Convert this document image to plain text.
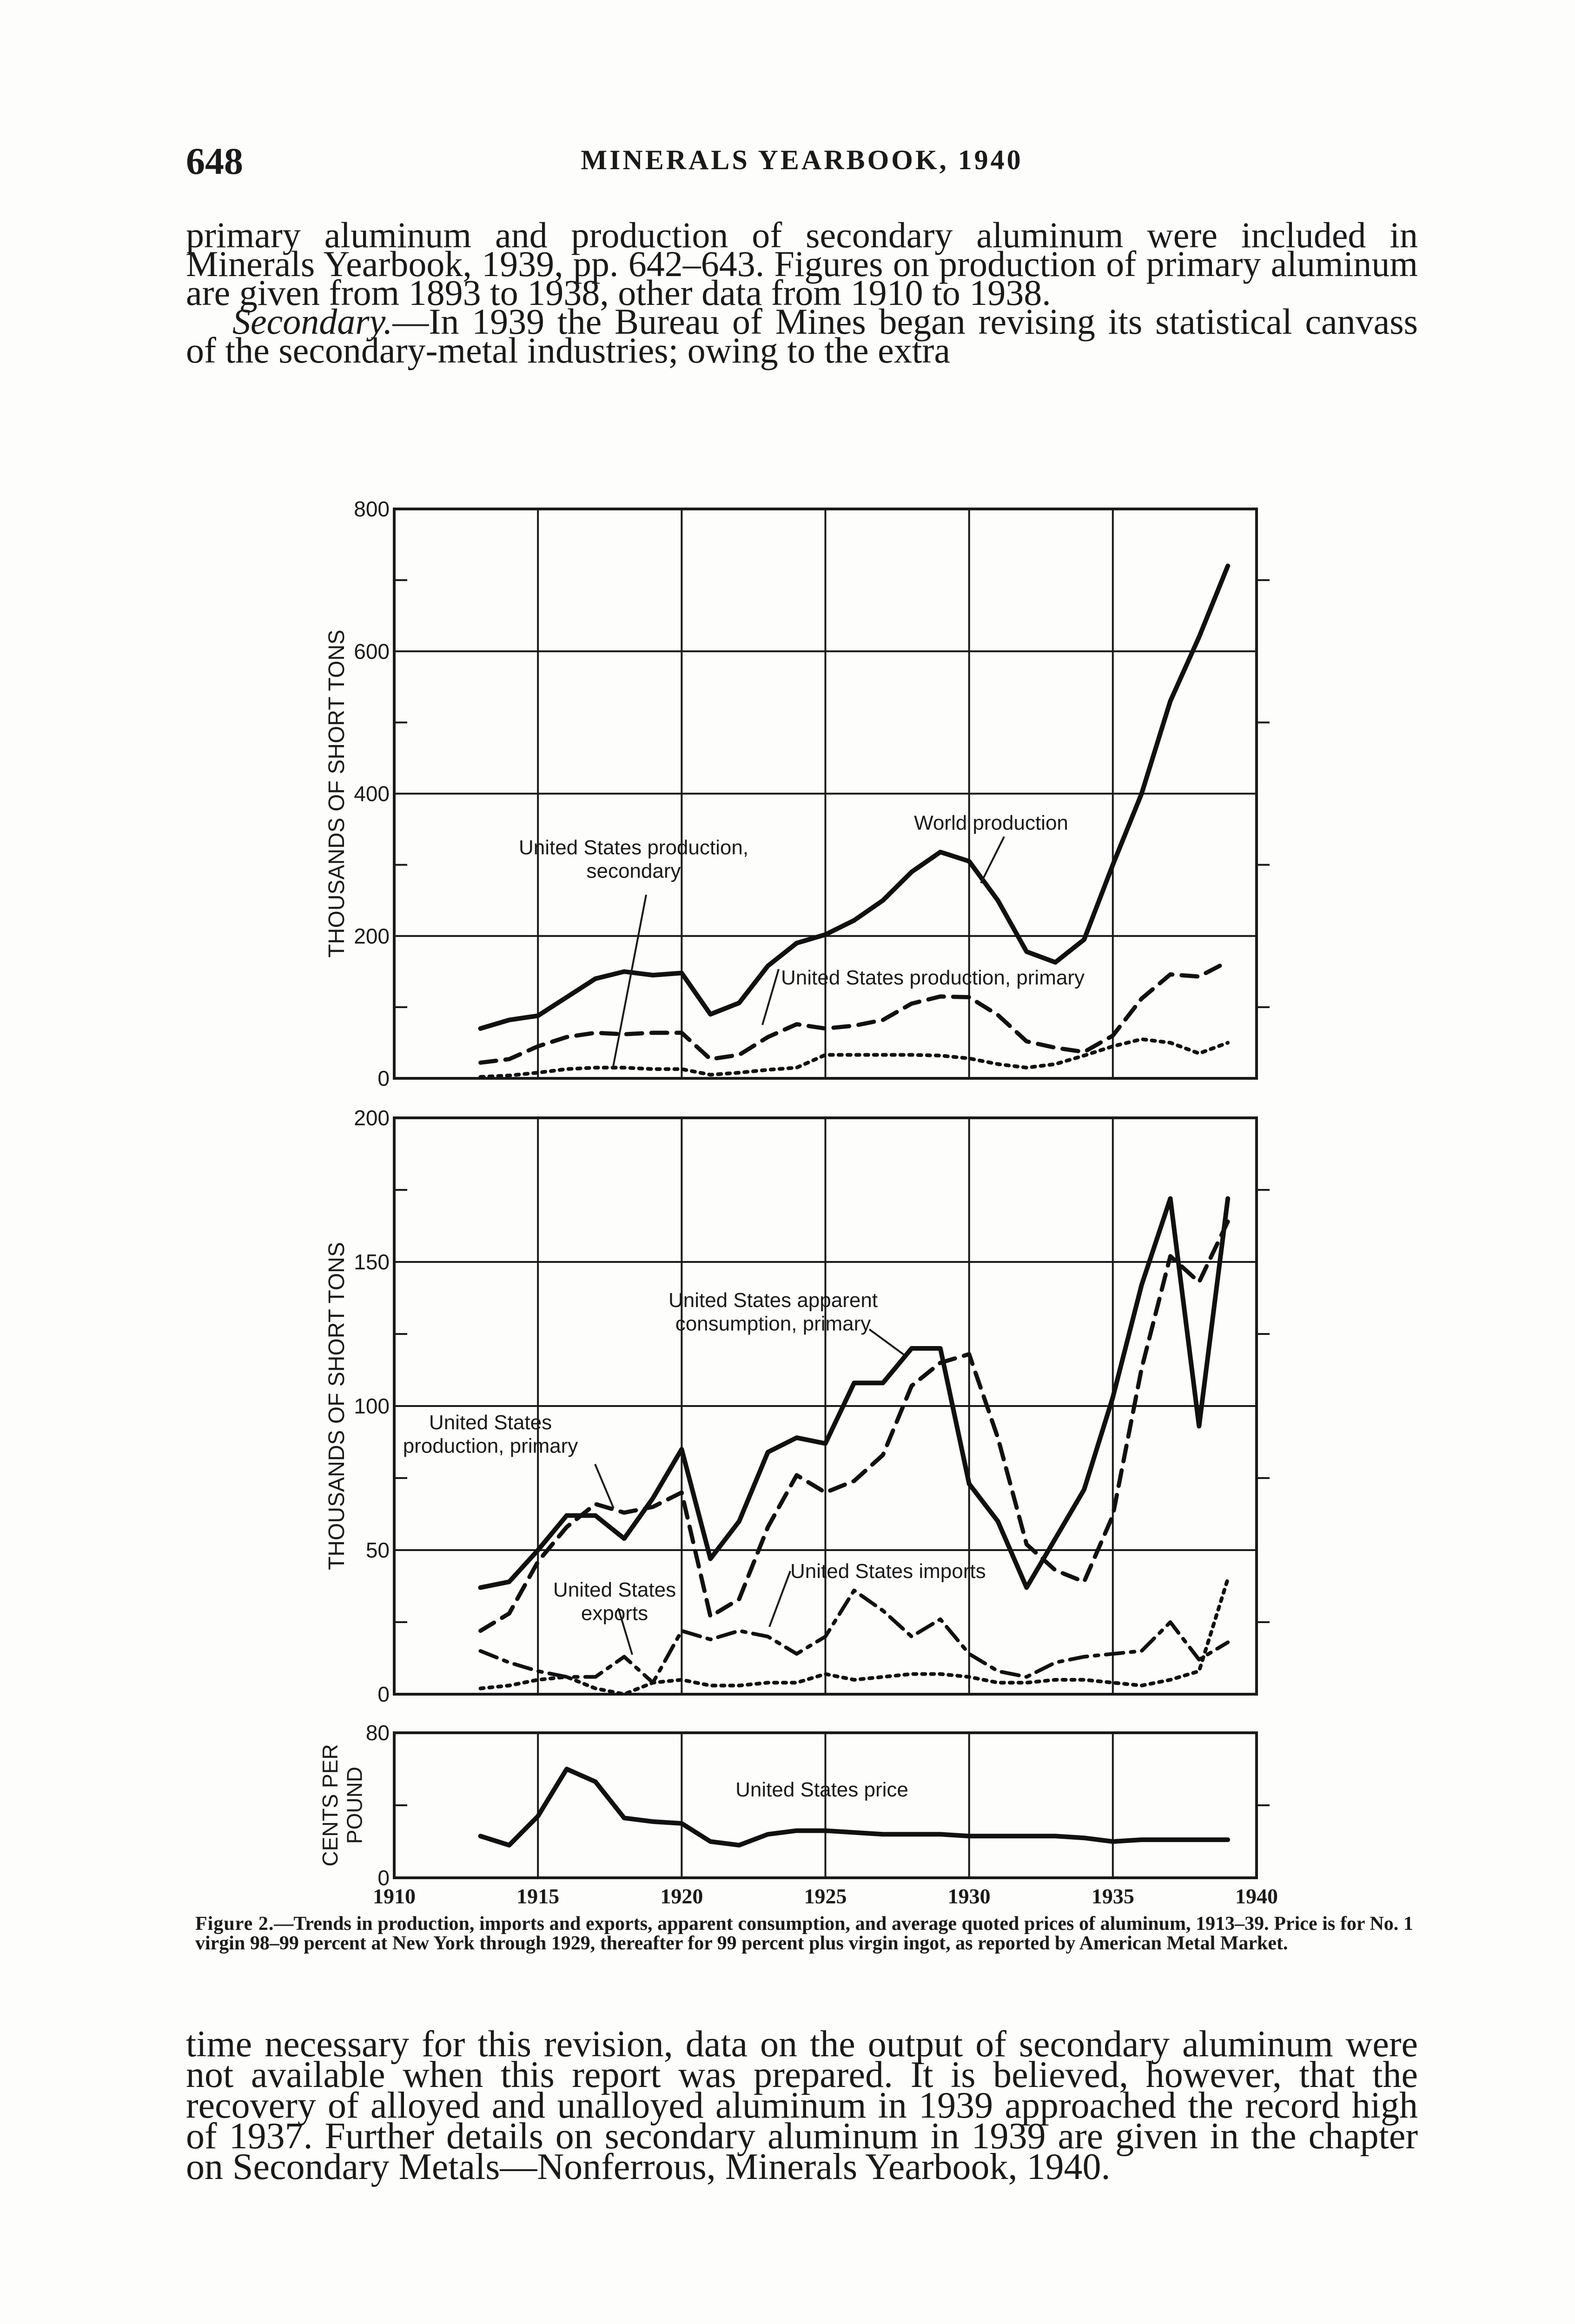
648	MINERALS YEARBOOK, 1940

primary aluminum and production of secondary aluminum were included in Minerals Yearbook, 1939, pp. 642–643. Figures on production of primary aluminum are given from 1893 to 1938, other data from 1910 to 1938.

Secondary.—In 1939 the Bureau of Mines began revising its statistical canvass of the secondary-metal industries; owing to the extra

0
200
400
600
800
THOUSANDS OF SHORT TONS	World production
United States production, secondary
United States production, primary
0
50
100
150
200
THOUSANDS OF SHORT TONS	United States apparent consumption, primary
United States production, primary
United States imports
United States exports
0
80
CENTS PERPOUND
1910	1915	1920	1925	1930	1935	1940
United States price
Figure 2.—Trends in production, imports and exports, apparent consumption, and average quoted prices of aluminum, 1913–39. Price is for No. 1 virgin 98–99 percent at New York through 1929, thereafter for 99 percent plus virgin ingot, as reported by American Metal Market.

time necessary for this revision, data on the output of secondary aluminum were not available when this report was prepared. It is believed, however, that the recovery of alloyed and unalloyed aluminum in 1939 approached the record high of 1937. Further details on secondary aluminum in 1939 are given in the chapter on Secondary Metals—Nonferrous, Minerals Yearbook, 1940.
